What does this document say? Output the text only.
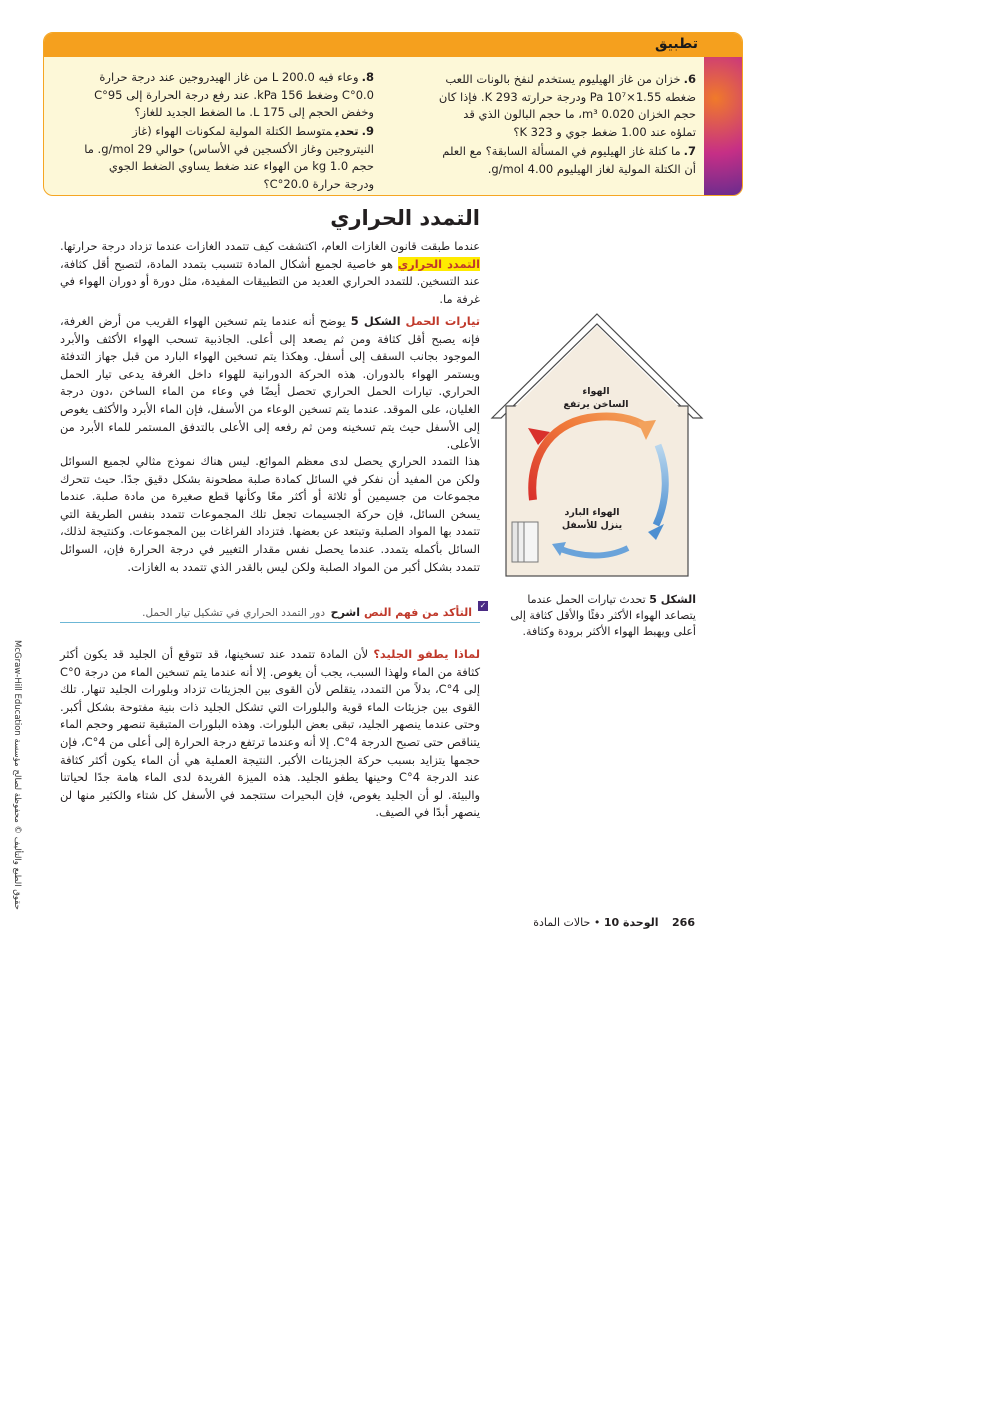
تطبيق
6.خزان من غاز الهيليوم يستخدم لنفخ بالونات اللعب ضغطه 1.55×10⁷ Pa ودرجة حرارته 293 K. فإذا كان حجم الخزان 0.020 m³، ما حجم البالون الذي قد تملؤه عند 1.00 ضغط جوي و 323 K؟
7.ما كتلة غاز الهيليوم في المسألة السابقة؟ مع العلم أن الكتلة المولية لغاز الهيليوم 4.00 g/mol.
8.وعاء فيه 200.0 L من غاز الهيدروجين عند درجة حرارة 0.0°C وضغط 156 kPa. عند رفع درجة الحرارة إلى 95°C وخفض الحجم إلى 175 L. ما الضغط الجديد للغاز؟
9.تحديمتوسط الكتلة المولية لمكونات الهواء (غاز النيتروجين وغاز الأكسجين في الأساس) حوالي 29 g/mol. ما حجم 1.0 kg من الهواء عند ضغط يساوي الضغط الجوي ودرجة حرارة 20.0°C؟
التمدد الحراري
عندما طبقت قانون الغازات العام، اكتشفت كيف تتمدد الغازات عندما تزداد درجة حرارتها. التمدد الحراري هو خاصية لجميع أشكال المادة تتسبب بتمدد المادة، لتصبح أقل كثافة، عند التسخين. للتمدد الحراري العديد من التطبيقات المفيدة، مثل دورة أو دوران الهواء في غرفة ما.
تيارات الحمل الشكل 5 يوضح أنه عندما يتم تسخين الهواء القريب من أرض الغرفة، فإنه يصبح أقل كثافة ومن ثم يصعد إلى أعلى. الجاذبية تسحب الهواء الأكثف والأبرد الموجود بجانب السقف إلى أسفل. وهكذا يتم تسخين الهواء البارد من قبل جهاز التدفئة ويستمر الهواء بالدوران. هذه الحركة الدورانية للهواء داخل الغرفة يدعى تيار الحمل الحراري. تيارات الحمل الحراري تحصل أيضًا في وعاء من الماء الساخن ،دون درجة الغليان، على الموقد. عندما يتم تسخين الوعاء من الأسفل، فإن الماء الأبرد والأكثف يغوص إلى الأسفل حيث يتم تسخينه ومن ثم رفعه إلى الأعلى بالتدفق المستمر للماء الأبرد من الأعلى.
هذا التمدد الحراري يحصل لدى معظم الموائع. ليس هناك نموذج مثالي لجميع السوائل ولكن من المفيد أن نفكر في السائل كمادة صلبة مطحونة بشكل دقيق جدًا. حيث تتحرك مجموعات من جسيمين أو ثلاثة أو أكثر معًا وكأنها قطع صغيرة من مادة صلبة. عندما يسخن السائل، فإن حركة الجسيمات تجعل تلك المجموعات تتمدد بنفس الطريقة التي تتمدد بها المواد الصلبة وتبتعد عن بعضها. فتزداد الفراغات بين المجموعات. وكنتيجة لذلك، السائل بأكمله يتمدد. عندما يحصل نفس مقدار التغيير في درجة الحرارة فإن، السوائل تتمدد بشكل أكبر من المواد الصلبة ولكن ليس بالقدر الذي تتمدد به الغازات.
✓
التأكد من فهم النص
اشرح
دور التمدد الحراري في تشكيل تيار الحمل.
لماذا يطفو الجليد؟ لأن المادة تتمدد عند تسخينها، قد تتوقع أن الجليد قد يكون أكثر كثافة من الماء ولهذا السبب، يجب أن يغوص. إلا أنه عندما يتم تسخين الماء من درجة 0°C إلى 4°C، بدلاً من التمدد، يتقلص لأن القوى بين الجزيئات تزداد وبلورات الجليد تنهار. تلك القوى بين جزيئات الماء قوية والبلورات التي تشكل الجليد ذات بنية مفتوحة بشكل أكبر. وحتى عندما ينصهر الجليد، تبقى بعض البلورات. وهذه البلورات المتبقية تنصهر وحجم الماء يتناقص حتى تصبح الدرجة 4°C. إلا أنه وعندما ترتفع درجة الحرارة إلى أعلى من 4°C، فإن حجمها يتزايد بسبب حركة الجزيئات الأكبر. النتيجة العملية هي أن الماء يكون أكثر كثافة عند الدرجة 4°C وحينها يطفو الجليد. هذه الميزة الفريدة لدى الماء هامة جدًا لحياتنا والبيئة. لو أن الجليد يغوص، فإن البحيرات ستتجمد في الأسفل كل شتاء والكثير منها لن ينصهر أبدًا في الصيف.
الهواء
الساخن يرتفع
الهواء البارد
ينزل للأسفل
الشكل 5 تحدث تيارات الحمل عندما يتصاعد الهواء الأكثر دفئًا والأقل كثافة إلى أعلى ويهبط الهواء الأكثر برودة وكثافة.
حقوق الطبع والتأليف © محفوظة لصالح مؤسسة McGraw-Hill Education
266 الوحدة 10 • حالات المادة
